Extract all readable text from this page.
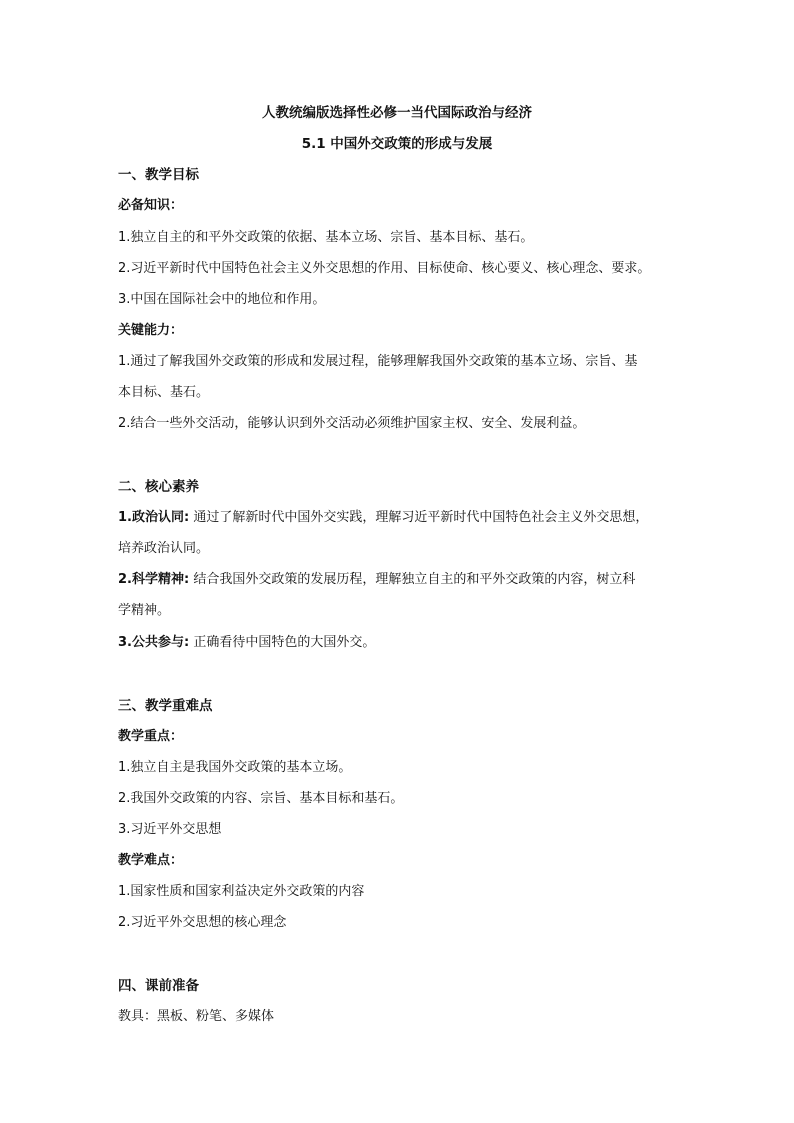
人教统编版选择性必修一当代国际政治与经济
5.1 中国外交政策的形成与发展
一、教学目标
必备知识：
1.独立自主的和平外交政策的依据、基本立场、宗旨、基本目标、基石。
2.习近平新时代中国特色社会主义外交思想的作用、目标使命、核心要义、核心理念、要求。
3.中国在国际社会中的地位和作用。
关键能力：
1.通过了解我国外交政策的形成和发展过程，能够理解我国外交政策的基本立场、宗旨、基
本目标、基石。
2.结合一些外交活动，能够认识到外交活动必须维护国家主权、安全、发展利益。
二、核心素养
1.政治认同: 通过了解新时代中国外交实践，理解习近平新时代中国特色社会主义外交思想，
培养政治认同。
2.科学精神: 结合我国外交政策的发展历程，理解独立自主的和平外交政策的内容，树立科
学精神。
3.公共参与: 正确看待中国特色的大国外交。
三、教学重难点
教学重点：
1.独立自主是我国外交政策的基本立场。
2.我国外交政策的内容、宗旨、基本目标和基石。
3.习近平外交思想
教学难点：
1.国家性质和国家利益决定外交政策的内容
2.习近平外交思想的核心理念
四、课前准备
教具：黑板、粉笔、多媒体
